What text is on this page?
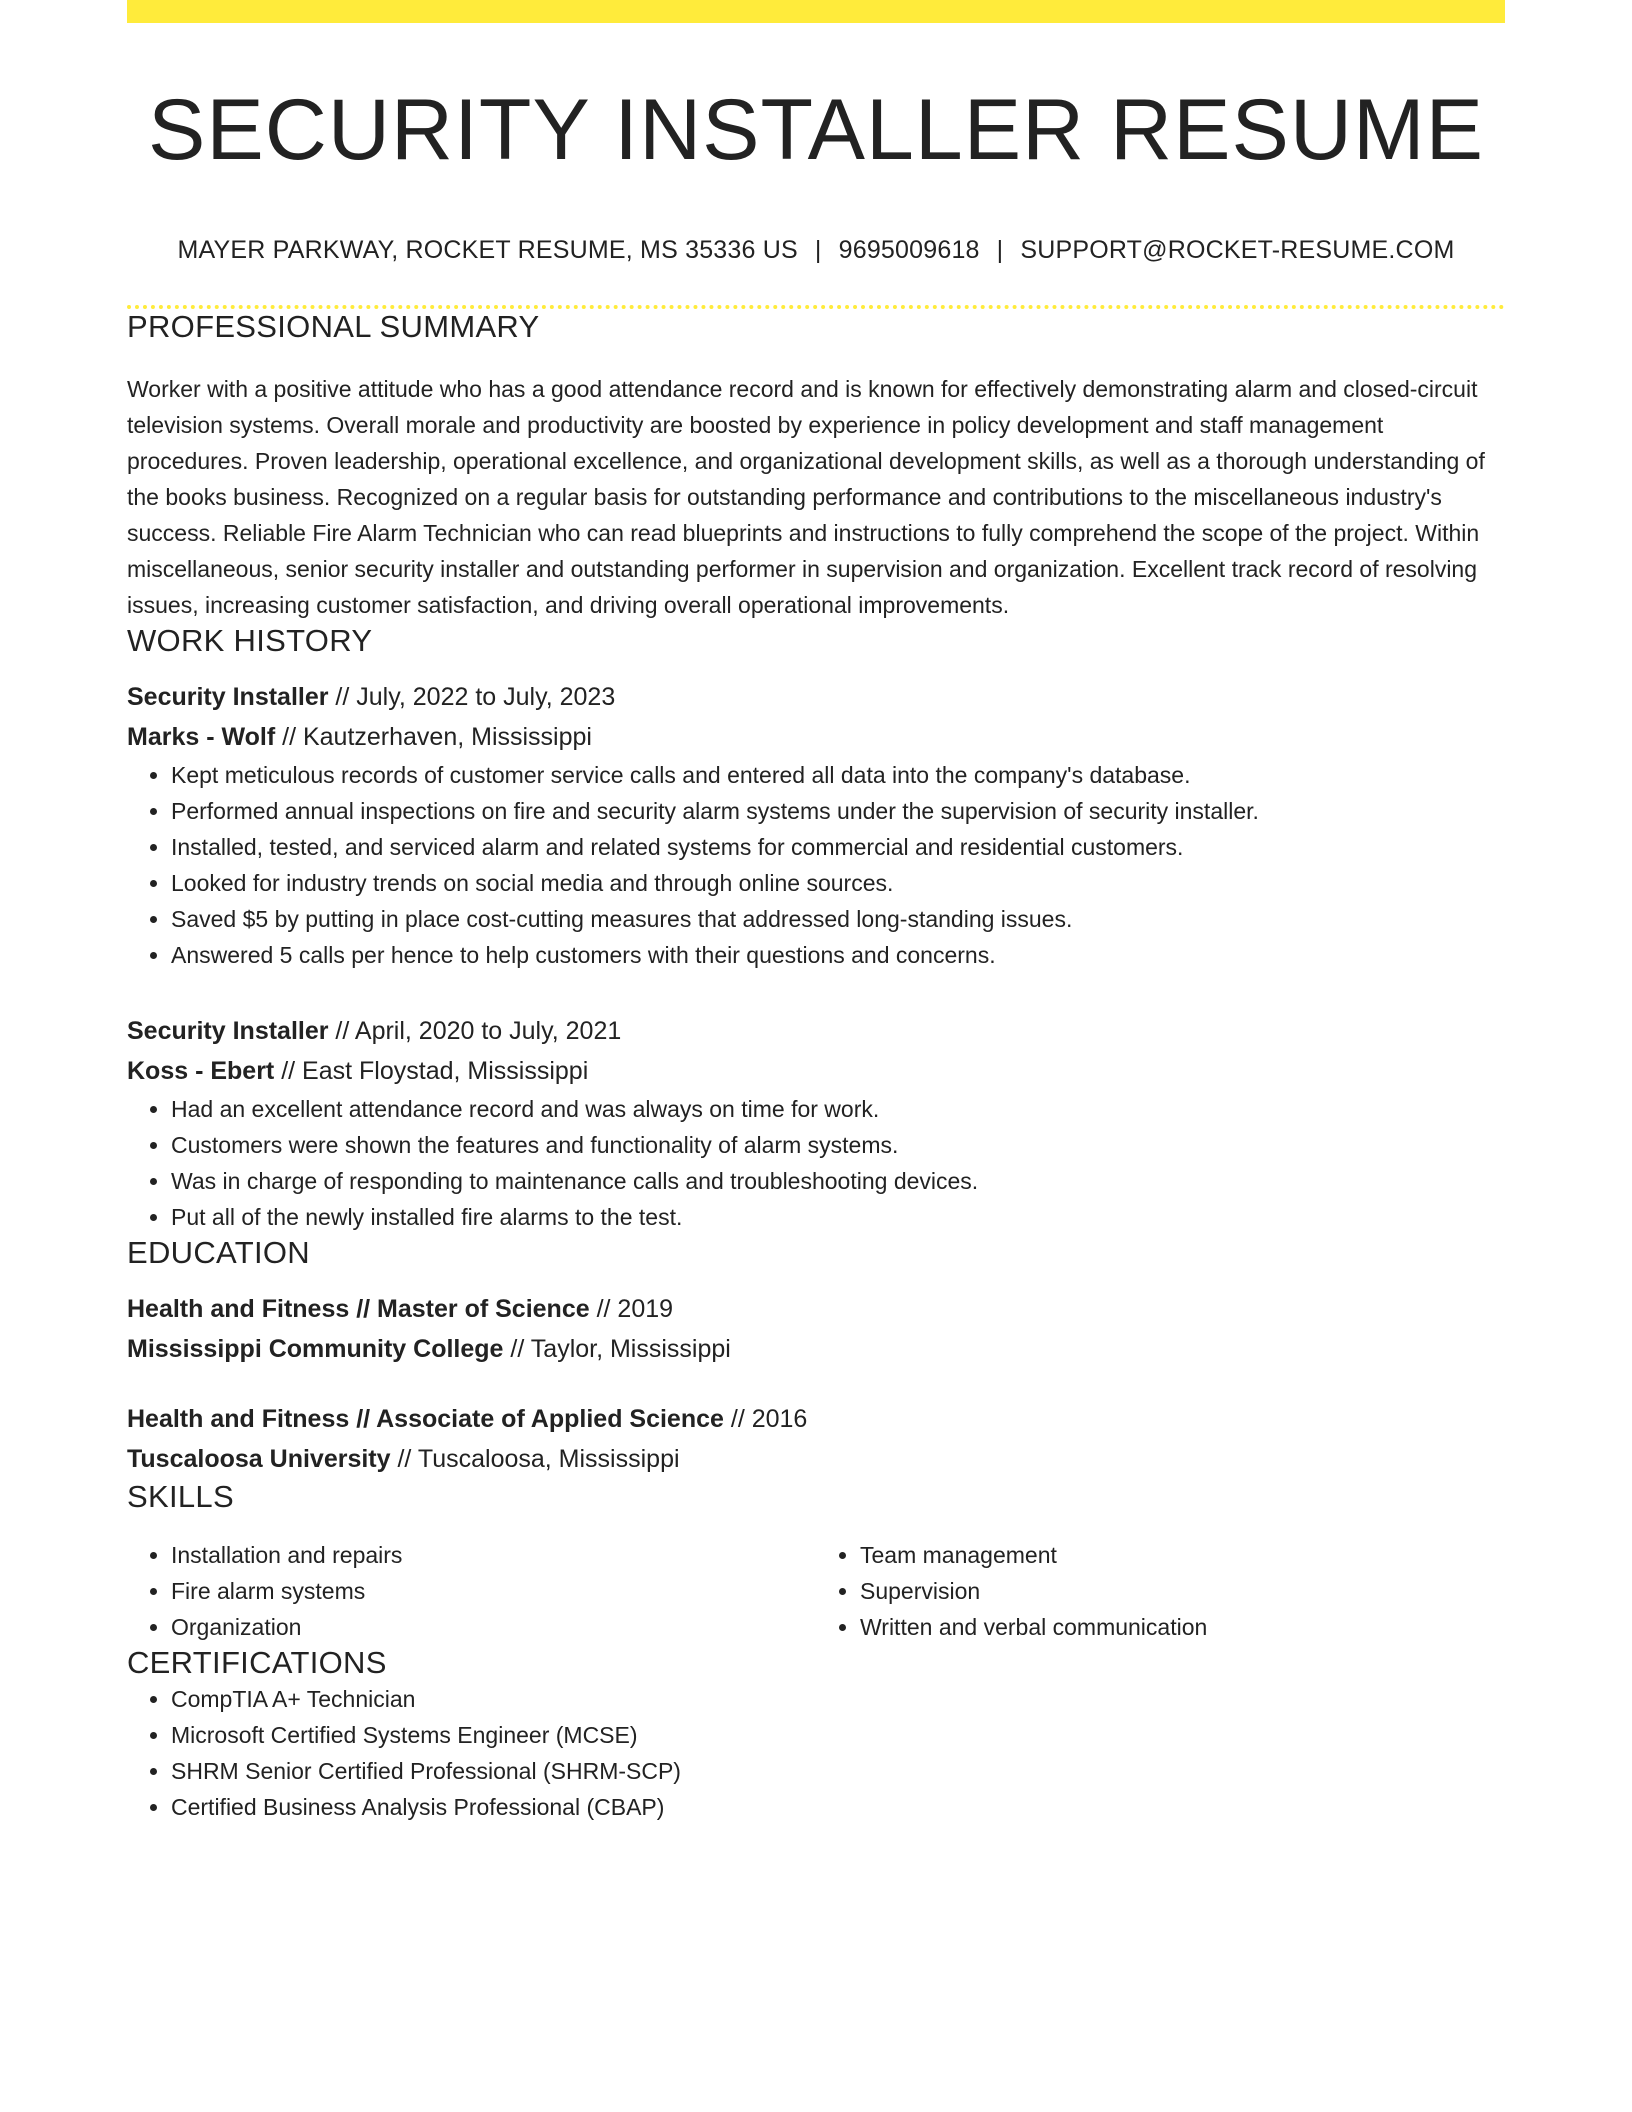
SECURITY INSTALLER RESUME
MAYER PARKWAY, ROCKET RESUME, MS 35336 US | 9695009618 | SUPPORT@ROCKET-RESUME.COM
PROFESSIONAL SUMMARY
Worker with a positive attitude who has a good attendance record and is known for effectively demonstrating alarm and closed-circuit television systems. Overall morale and productivity are boosted by experience in policy development and staff management procedures. Proven leadership, operational excellence, and organizational development skills, as well as a thorough understanding of the books business. Recognized on a regular basis for outstanding performance and contributions to the miscellaneous industry's success. Reliable Fire Alarm Technician who can read blueprints and instructions to fully comprehend the scope of the project. Within miscellaneous, senior security installer and outstanding performer in supervision and organization. Excellent track record of resolving issues, increasing customer satisfaction, and driving overall operational improvements.
WORK HISTORY
Security Installer // July, 2022 to July, 2023
Marks - Wolf // Kautzerhaven, Mississippi
• Kept meticulous records of customer service calls and entered all data into the company's database.
• Performed annual inspections on fire and security alarm systems under the supervision of security installer.
• Installed, tested, and serviced alarm and related systems for commercial and residential customers.
• Looked for industry trends on social media and through online sources.
• Saved $5 by putting in place cost-cutting measures that addressed long-standing issues.
• Answered 5 calls per hence to help customers with their questions and concerns.
Security Installer // April, 2020 to July, 2021
Koss - Ebert // East Floystad, Mississippi
• Had an excellent attendance record and was always on time for work.
• Customers were shown the features and functionality of alarm systems.
• Was in charge of responding to maintenance calls and troubleshooting devices.
• Put all of the newly installed fire alarms to the test.
EDUCATION
Health and Fitness // Master of Science // 2019
Mississippi Community College // Taylor, Mississippi
Health and Fitness // Associate of Applied Science // 2016
Tuscaloosa University // Tuscaloosa, Mississippi
SKILLS
• Installation and repairs
• Fire alarm systems
• Organization
• Team management
• Supervision
• Written and verbal communication
CERTIFICATIONS
• CompTIA A+ Technician
• Microsoft Certified Systems Engineer (MCSE)
• SHRM Senior Certified Professional (SHRM-SCP)
• Certified Business Analysis Professional (CBAP)
